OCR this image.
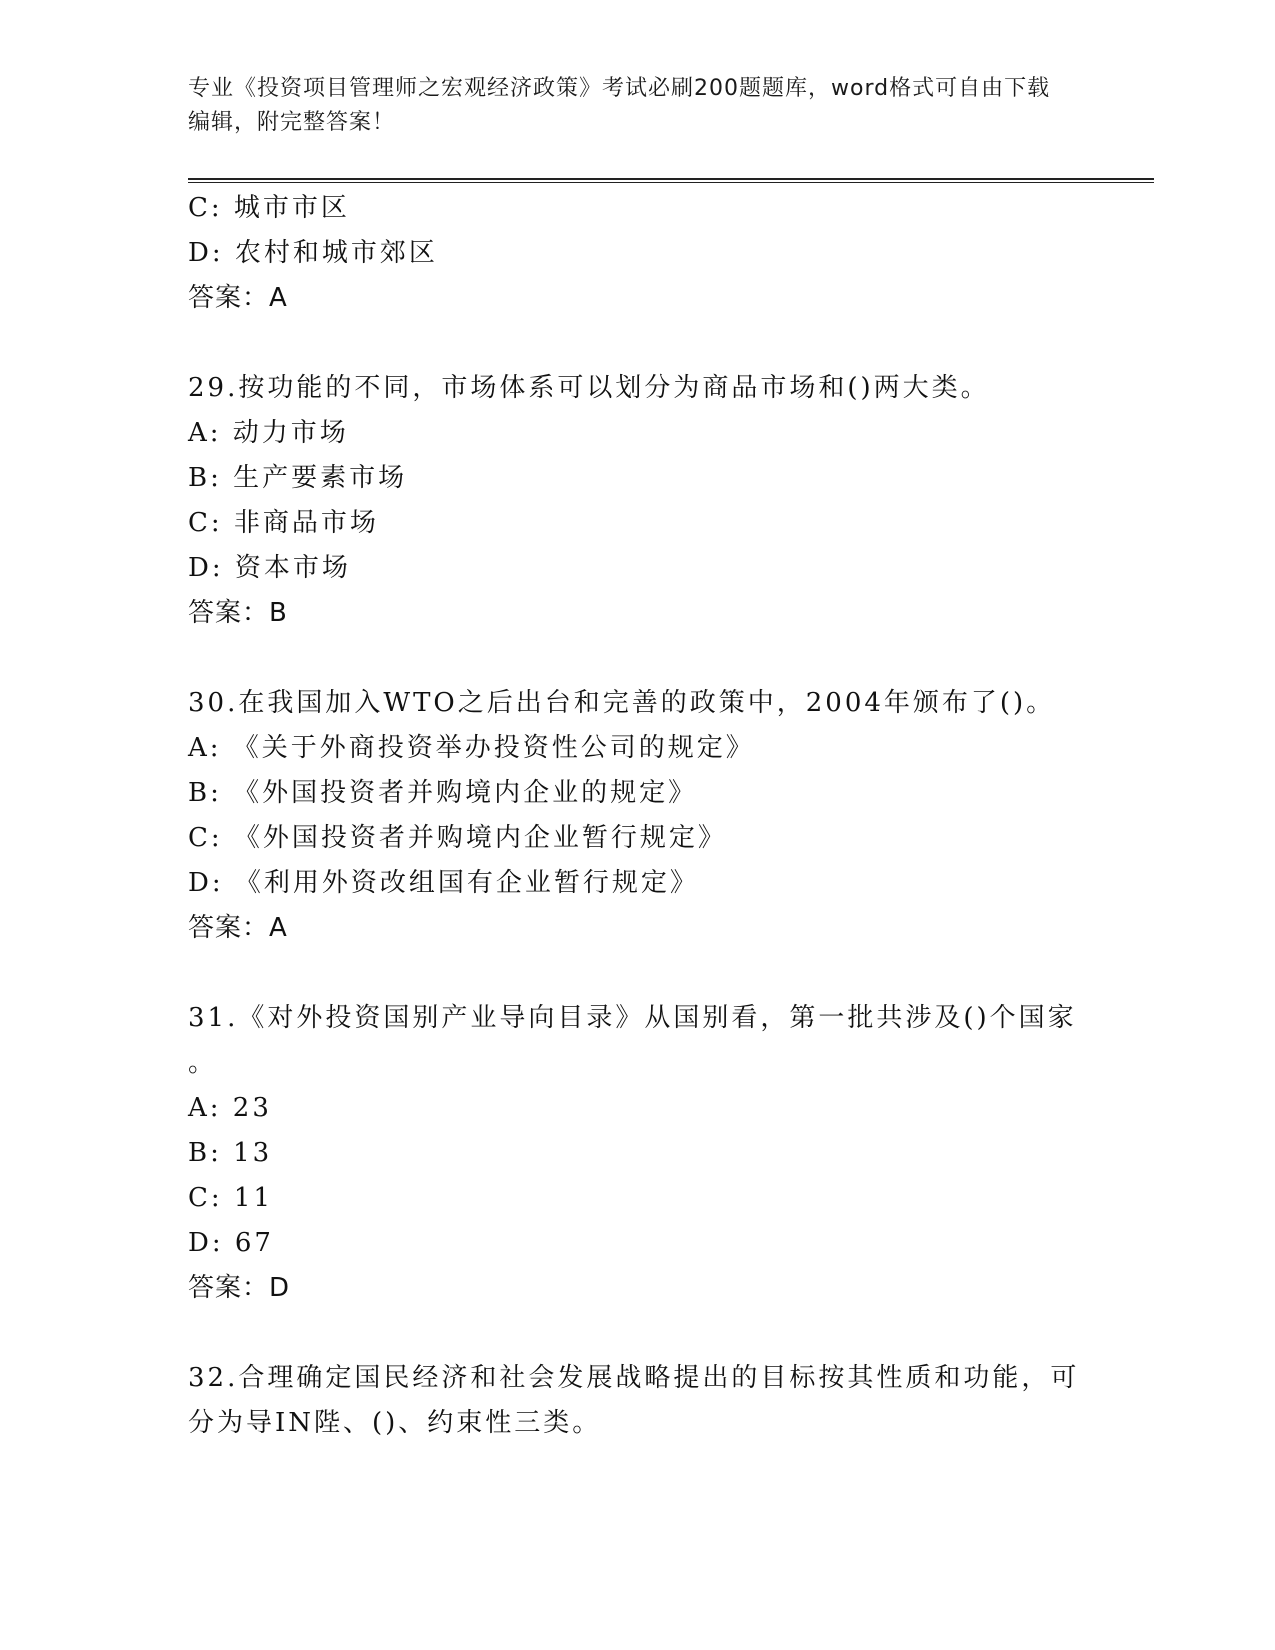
专业《投资项目管理师之宏观经济政策》考试必刷200题题库，word格式可自由下载编辑，附完整答案！
C: 城市市区
D: 农村和城市郊区
答案：A
29.按功能的不同，市场体系可以划分为商品市场和()两大类。
A: 动力市场
B: 生产要素市场
C: 非商品市场
D: 资本市场
答案：B
30.在我国加入WTO之后出台和完善的政策中，2004年颁布了()。
A: 《关于外商投资举办投资性公司的规定》
B: 《外国投资者并购境内企业的规定》
C: 《外国投资者并购境内企业暂行规定》
D: 《利用外资改组国有企业暂行规定》
答案：A
31.《对外投资国别产业导向目录》从国别看，第一批共涉及()个国家
。
A: 23
B: 13
C: 11
D: 67
答案：D
32.合理确定国民经济和社会发展战略提出的目标按其性质和功能，可
分为导IN陛、()、约束性三类。
